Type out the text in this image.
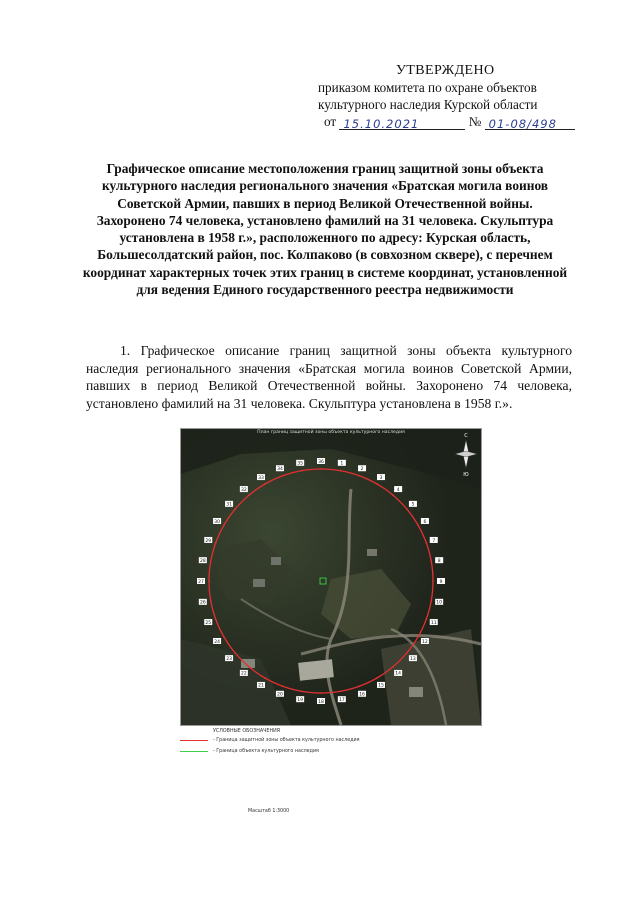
УТВЕРЖДЕНО
приказом комитета по охране объектов
культурного наследия Курской области
от 15.10.2021	№ 01-08/498
Графическое описание местоположения границ защитной зоны объекта культурного наследия регионального значения «Братская могила воинов Советской Армии, павших в период Великой Отечественной войны. Захоронено 74 человека, установлено фамилий на 31 человека. Скульптура установлена в 1958 г.», расположенного по адресу: Курская область, Большесолдатский район, пос. Колпаково (в совхозном сквере), с перечнем координат характерных точек этих границ в системе координат, установленной для ведения Единого государственного реестра недвижимости
1. Графическое описание границ защитной зоны объекта культурного наследия регионального значения «Братская могила воинов Советской Армии, павших в период Великой Отечественной войны. Захоронено 74 человека, установлено фамилий на 31 человека. Скульптура установлена в 1958 г.».
1
2
3
4
5
6
7
8
9
10
11
12
13
14
15
16
17
18
19
20
21
22
23
24
25
26
27
28
29
30
31
32
33
34
35	36
С
Ю
План границ защитной зоны объекта культурного наследия
УСЛОВНЫЕ ОБОЗНАЧЕНИЯ
- Граница защитной зоны объекта культурного наследия
- Граница объекта культурного наследия
Масштаб 1:3000
